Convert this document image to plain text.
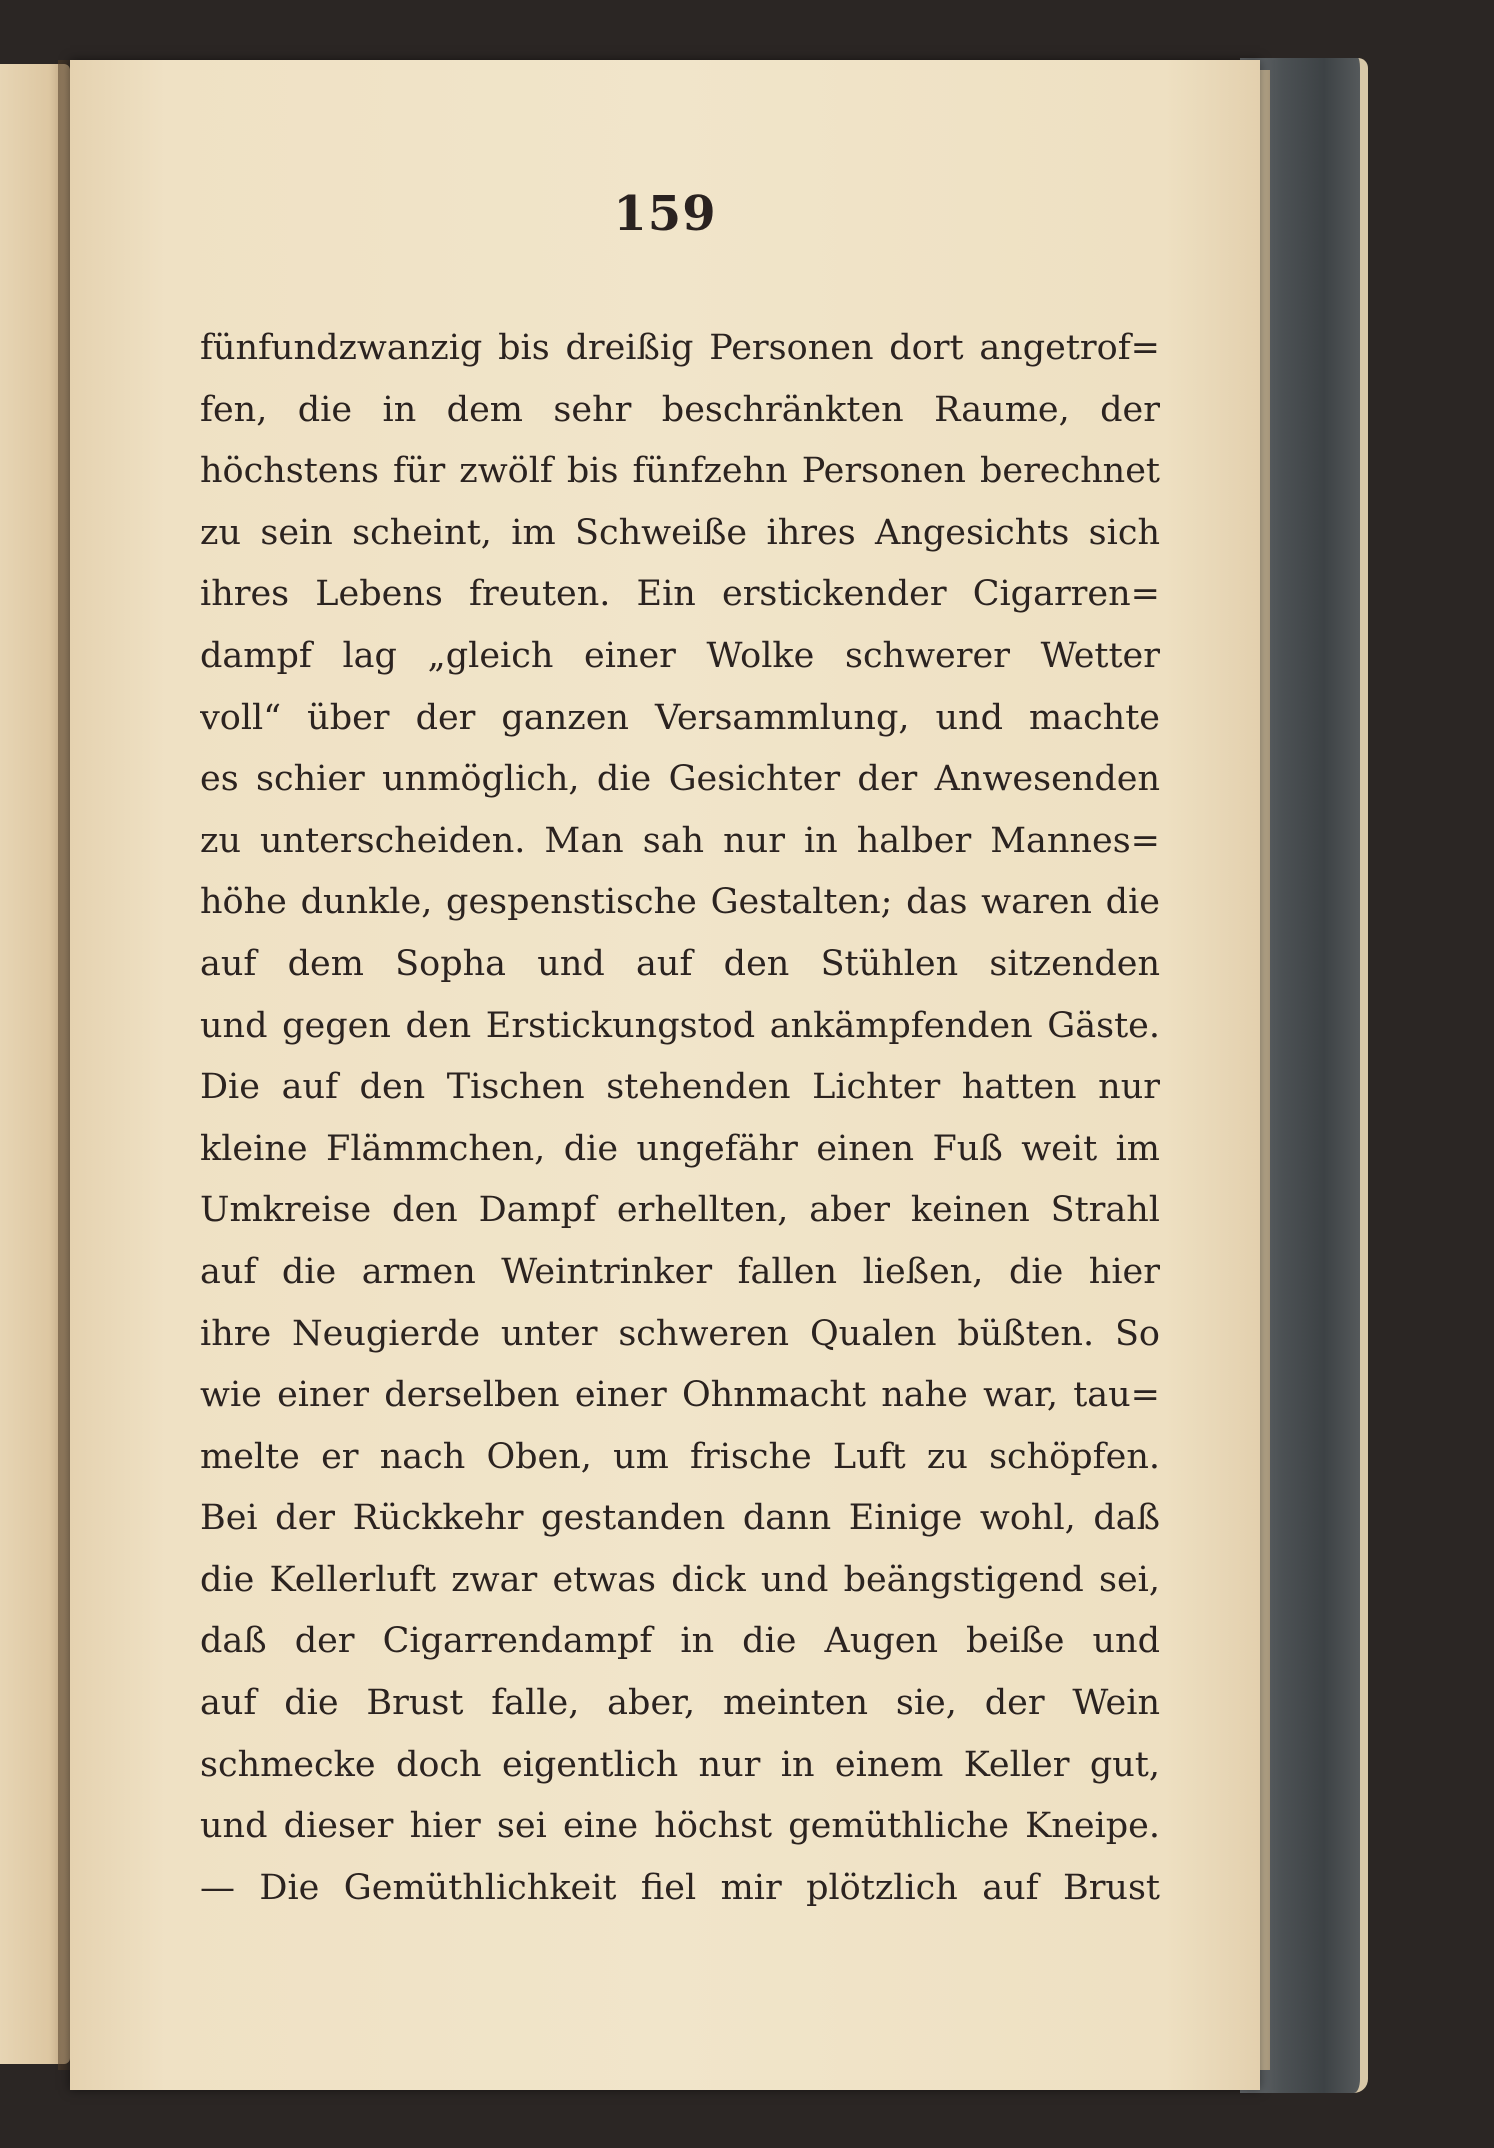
159
fünfundzwanzig bis dreißig Personen dort angetrof=
fen, die in dem sehr beschränkten Raume, der
höchstens für zwölf bis fünfzehn Personen berechnet
zu sein scheint, im Schweiße ihres Angesichts sich
ihres Lebens freuten. Ein erstickender Cigarren=
dampf lag „gleich einer Wolke schwerer Wetter
voll“ über der ganzen Versammlung, und machte
es schier unmöglich, die Gesichter der Anwesenden
zu unterscheiden. Man sah nur in halber Mannes=
höhe dunkle, gespenstische Gestalten; das waren die
auf dem Sopha und auf den Stühlen sitzenden
und gegen den Erstickungstod ankämpfenden Gäste.
Die auf den Tischen stehenden Lichter hatten nur
kleine Flämmchen, die ungefähr einen Fuß weit im
Umkreise den Dampf erhellten, aber keinen Strahl
auf die armen Weintrinker fallen ließen, die hier
ihre Neugierde unter schweren Qualen büßten. So
wie einer derselben einer Ohnmacht nahe war, tau=
melte er nach Oben, um frische Luft zu schöpfen.
Bei der Rückkehr gestanden dann Einige wohl, daß
die Kellerluft zwar etwas dick und beängstigend sei,
daß der Cigarrendampf in die Augen beiße und
auf die Brust falle, aber, meinten sie, der Wein
schmecke doch eigentlich nur in einem Keller gut,
und dieser hier sei eine höchst gemüthliche Kneipe.
— Die Gemüthlichkeit fiel mir plötzlich auf Brust
